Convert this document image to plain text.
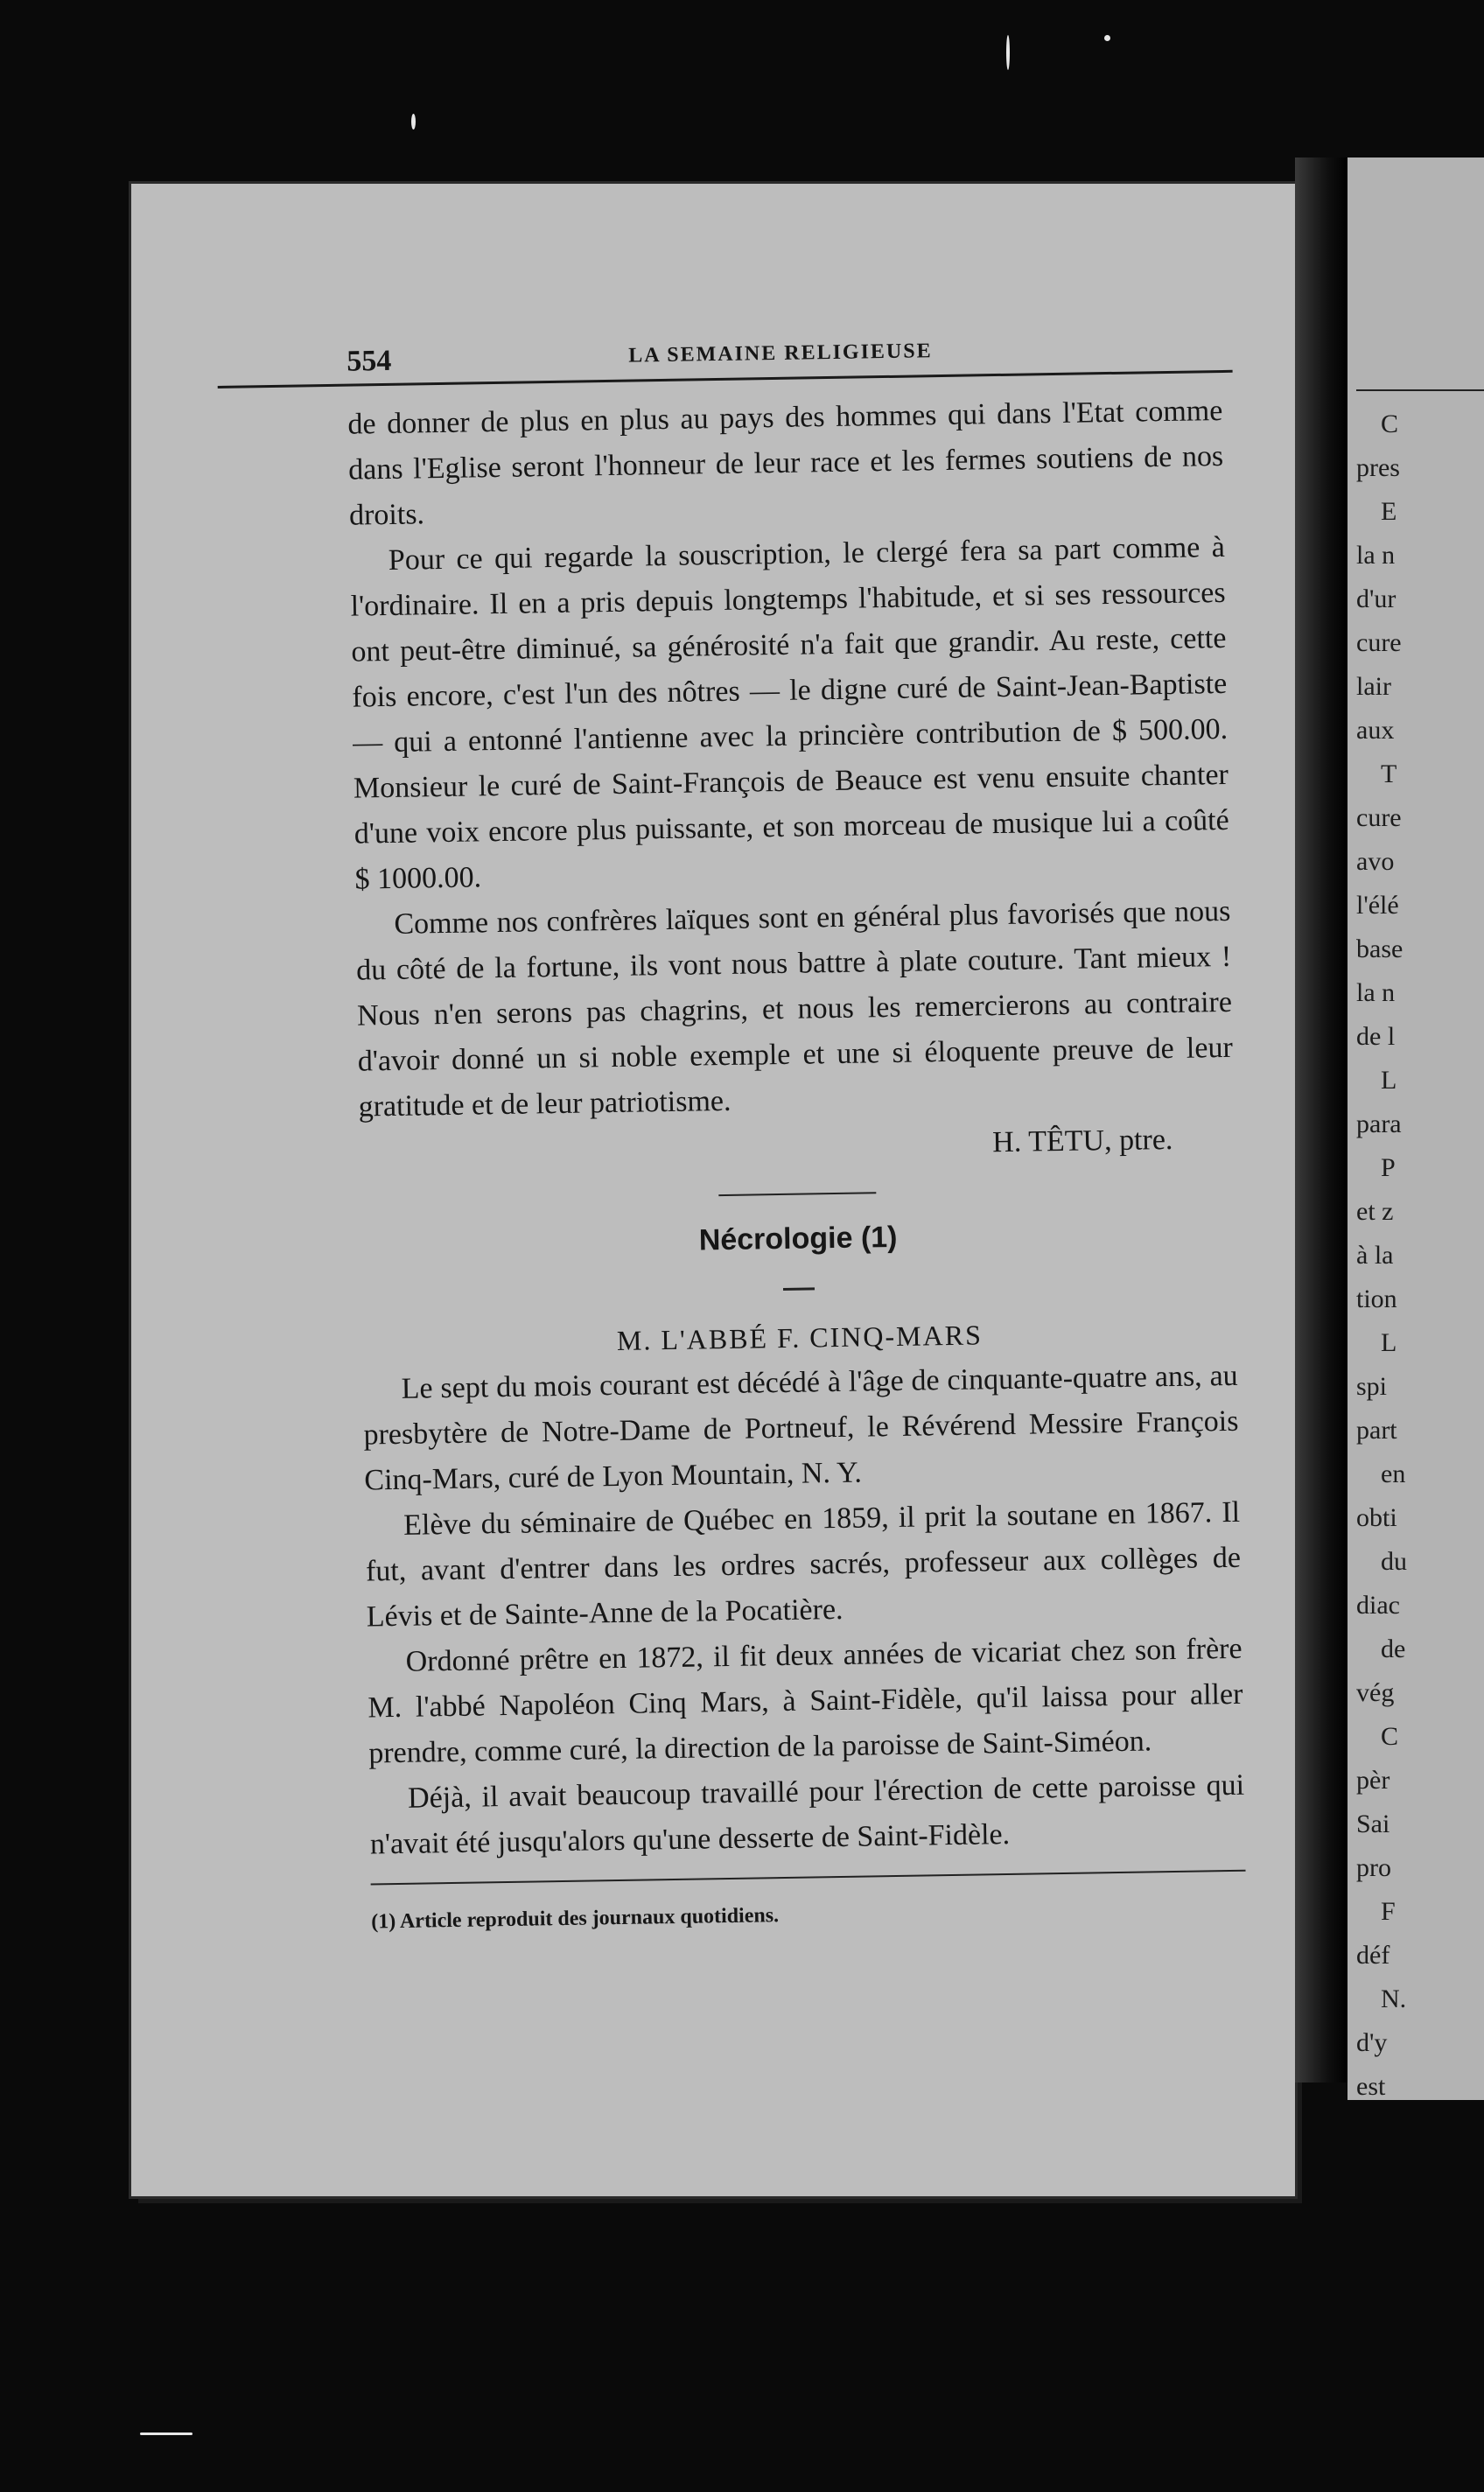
C
pres
E
la n
d'ur
cure
lair
aux
T
cure
avo
l'élé
base
la n
de l
L
para
P
et z
à la
tion
L
spi
part
en
obti
du
diac
de
vég
C
pèr
Sai
pro
F
déf
N.
d'y
est
554	LA SEMAINE RELIGIEUSE

de donner de plus en plus au pays des hommes qui dans l'Etat comme dans l'Eglise seront l'honneur de leur race et les fermes soutiens de nos droits.

Pour ce qui regarde la souscription, le clergé fera sa part comme à l'ordinaire. Il en a pris depuis longtemps l'habitude, et si ses ressources ont peut-être diminué, sa générosité n'a fait que grandir. Au reste, cette fois encore, c'est l'un des nôtres — le digne curé de Saint-Jean-Baptiste — qui a entonné l'antienne avec la princière contribution de $ 500.00. Monsieur le curé de Saint-François de Beauce est venu ensuite chanter d'une voix encore plus puissante, et son morceau de musique lui a coûté $ 1000.00.

Comme nos confrères laïques sont en général plus favorisés que nous du côté de la fortune, ils vont nous battre à plate couture. Tant mieux ! Nous n'en serons pas chagrins, et nous les remercierons au contraire d'avoir donné un si noble exemple et une si éloquente preuve de leur gratitude et de leur patriotisme.

H. TÊTU, ptre.

Nécrologie (1)

M. L'ABBÉ F. CINQ-MARS

Le sept du mois courant est décédé à l'âge de cinquante-quatre ans, au presbytère de Notre-Dame de Portneuf, le Révérend Messire François Cinq-Mars, curé de Lyon Mountain, N. Y.

Elève du séminaire de Québec en 1859, il prit la soutane en 1867. Il fut, avant d'entrer dans les ordres sacrés, professeur aux collèges de Lévis et de Sainte-Anne de la Pocatière.

Ordonné prêtre en 1872, il fit deux années de vicariat chez son frère M. l'abbé Napoléon Cinq Mars, à Saint-Fidèle, qu'il laissa pour aller prendre, comme curé, la direction de la paroisse de Saint-Siméon.

Déjà, il avait beaucoup travaillé pour l'érection de cette paroisse qui n'avait été jusqu'alors qu'une desserte de Saint-Fidèle.

(1) Article reproduit des journaux quotidiens.
